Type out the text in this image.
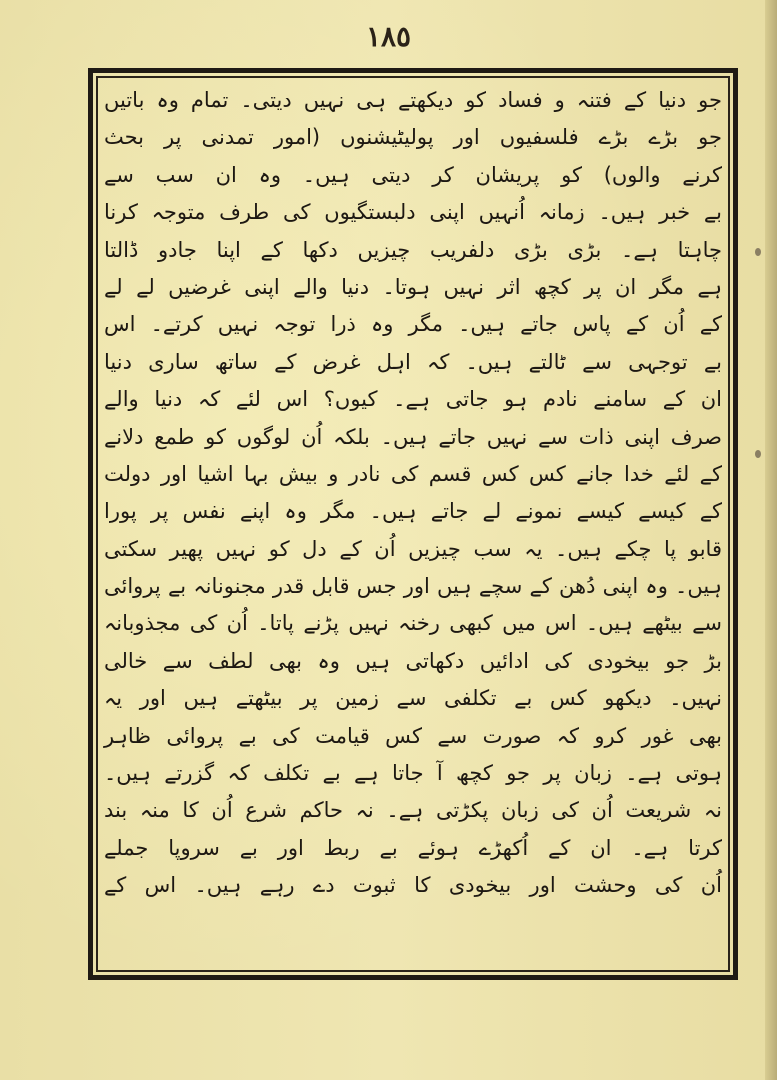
١٨٥
جو دنیا کے فتنہ و فساد کو دیکھتے ہی نہیں دیتی۔ تمام وہ باتیں
جو بڑے بڑے فلسفیوں اور پولیٹیشنوں (امور تمدنی پر بحث
کرنے والوں) کو پریشان کر دیتی ہیں۔ وہ ان سب سے
بے خبر ہیں۔ زمانہ اُنہیں اپنی دلبستگیوں کی طرف متوجہ کرنا
چاہتا ہے۔ بڑی بڑی دلفریب چیزیں دکھا کے اپنا جادو ڈالتا
ہے مگر ان پر کچھ اثر نہیں ہوتا۔ دنیا والے اپنی غرضیں لے لے
کے اُن کے پاس جاتے ہیں۔ مگر وہ ذرا توجہ نہیں کرتے۔ اس
بے توجہی سے ٹالتے ہیں۔ کہ اہل غرض کے ساتھ ساری دنیا
ان کے سامنے نادم ہو جاتی ہے۔ کیوں؟ اس لئے کہ دنیا والے
صرف اپنی ذات سے نہیں جاتے ہیں۔ بلکہ اُن لوگوں کو طمع دلانے
کے لئے خدا جانے کس کس قسم کی نادر و بیش بہا اشیا اور دولت
کے کیسے کیسے نمونے لے جاتے ہیں۔ مگر وہ اپنے نفس پر پورا
قابو پا چکے ہیں۔ یہ سب چیزیں اُن کے دل کو نہیں پھیر سکتی
ہیں۔ وہ اپنی دُھن کے سچے ہیں اور جس قابل قدر مجنونانہ بے پروائی
سے بیٹھے ہیں۔ اس میں کبھی رخنہ نہیں پڑنے پاتا۔ اُن کی مجذوبانہ
بڑ جو بیخودی کی ادائیں دکھاتی ہیں وہ بھی لطف سے خالی
نہیں۔ دیکھو کس بے تکلفی سے زمین پر بیٹھتے ہیں اور یہ
بھی غور کرو کہ صورت سے کس قیامت کی بے پروائی ظاہر
ہوتی ہے۔ زبان پر جو کچھ آ جاتا ہے بے تکلف کہ گزرتے ہیں۔
نہ شریعت اُن کی زبان پکڑتی ہے۔ نہ حاکم شرع اُن کا منہ بند
کرتا ہے۔ ان کے اُکھڑے ہوئے بے ربط اور بے سروپا جملے
اُن کی وحشت اور بیخودی کا ثبوت دے رہے ہیں۔ اس کے
